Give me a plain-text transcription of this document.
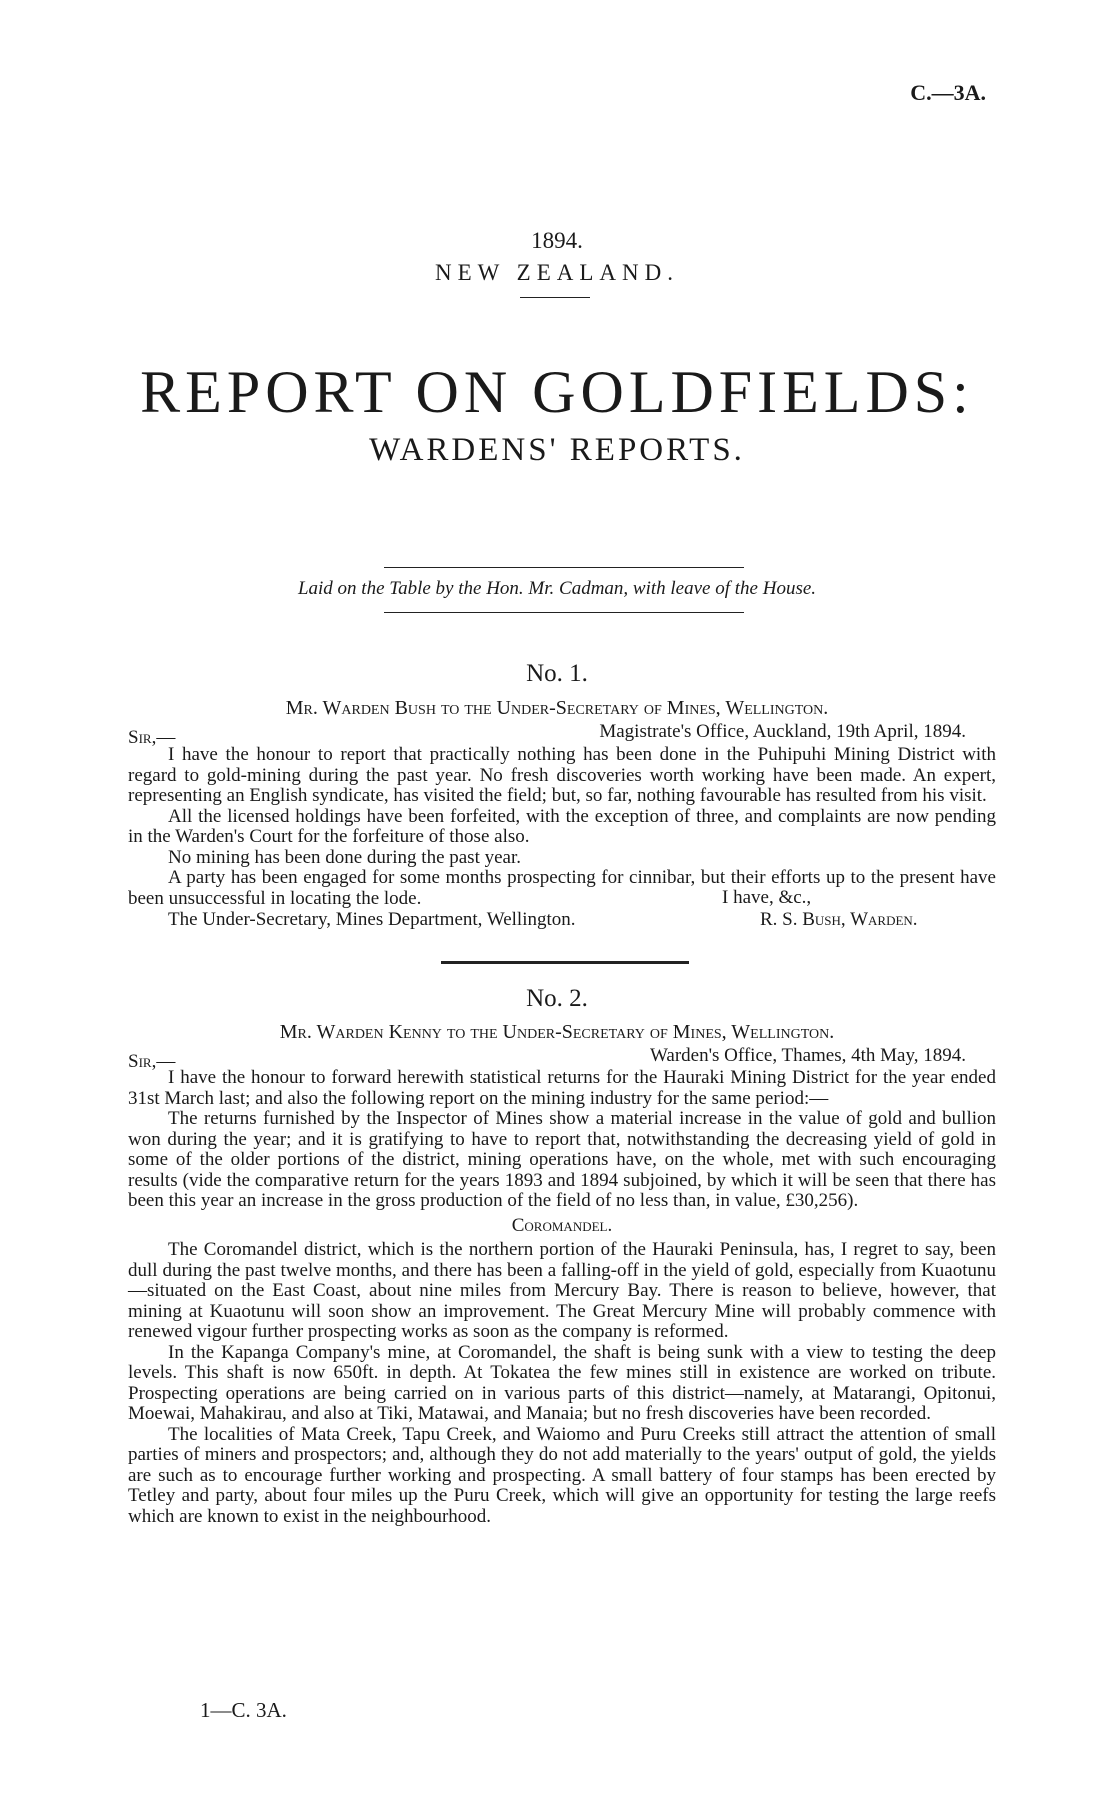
C.—3A.
1894.
NEW ZEALAND.
REPORT ON GOLDFIELDS:
WARDENS' REPORTS.
Laid on the Table by the Hon. Mr. Cadman, with leave of the House.
No. 1.
Mr. Warden Bush to the Under-Secretary of Mines, Wellington.
Sir,—	Magistrate's Office, Auckland, 19th April, 1894.
I have the honour to report that practically nothing has been done in the Puhipuhi Mining District with regard to gold-mining during the past year. No fresh discoveries worth working have been made. An expert, representing an English syndicate, has visited the field; but, so far, nothing favourable has resulted from his visit.
All the licensed holdings have been forfeited, with the exception of three, and complaints are now pending in the Warden's Court for the forfeiture of those also.
No mining has been done during the past year.
A party has been engaged for some months prospecting for cinnibar, but their efforts up to the present have been unsuccessful in locating the lode.	I have, &c.,
The Under-Secretary, Mines Department, Wellington.	R. S. Bush, Warden.
No. 2.
Mr. Warden Kenny to the Under-Secretary of Mines, Wellington.
Sir,—	Warden's Office, Thames, 4th May, 1894.
I have the honour to forward herewith statistical returns for the Hauraki Mining District for the year ended 31st March last; and also the following report on the mining industry for the same period:—
The returns furnished by the Inspector of Mines show a material increase in the value of gold and bullion won during the year; and it is gratifying to have to report that, notwithstanding the decreasing yield of gold in some of the older portions of the district, mining operations have, on the whole, met with such encouraging results (vide the comparative return for the years 1893 and 1894 subjoined, by which it will be seen that there has been this year an increase in the gross production of the field of no less than, in value, £30,256).
Coromandel.
The Coromandel district, which is the northern portion of the Hauraki Peninsula, has, I regret to say, been dull during the past twelve months, and there has been a falling-off in the yield of gold, especially from Kuaotunu—situated on the East Coast, about nine miles from Mercury Bay. There is reason to believe, however, that mining at Kuaotunu will soon show an improvement. The Great Mercury Mine will probably commence with renewed vigour further prospecting works as soon as the company is reformed.
In the Kapanga Company's mine, at Coromandel, the shaft is being sunk with a view to testing the deep levels. This shaft is now 650ft. in depth. At Tokatea the few mines still in existence are worked on tribute. Prospecting operations are being carried on in various parts of this district—namely, at Matarangi, Opitonui, Moewai, Mahakirau, and also at Tiki, Matawai, and Manaia; but no fresh discoveries have been recorded.
The localities of Mata Creek, Tapu Creek, and Waiomo and Puru Creeks still attract the attention of small parties of miners and prospectors; and, although they do not add materially to the years' output of gold, the yields are such as to encourage further working and prospecting. A small battery of four stamps has been erected by Tetley and party, about four miles up the Puru Creek, which will give an opportunity for testing the large reefs which are known to exist in the neighbourhood.
1—C. 3A.
